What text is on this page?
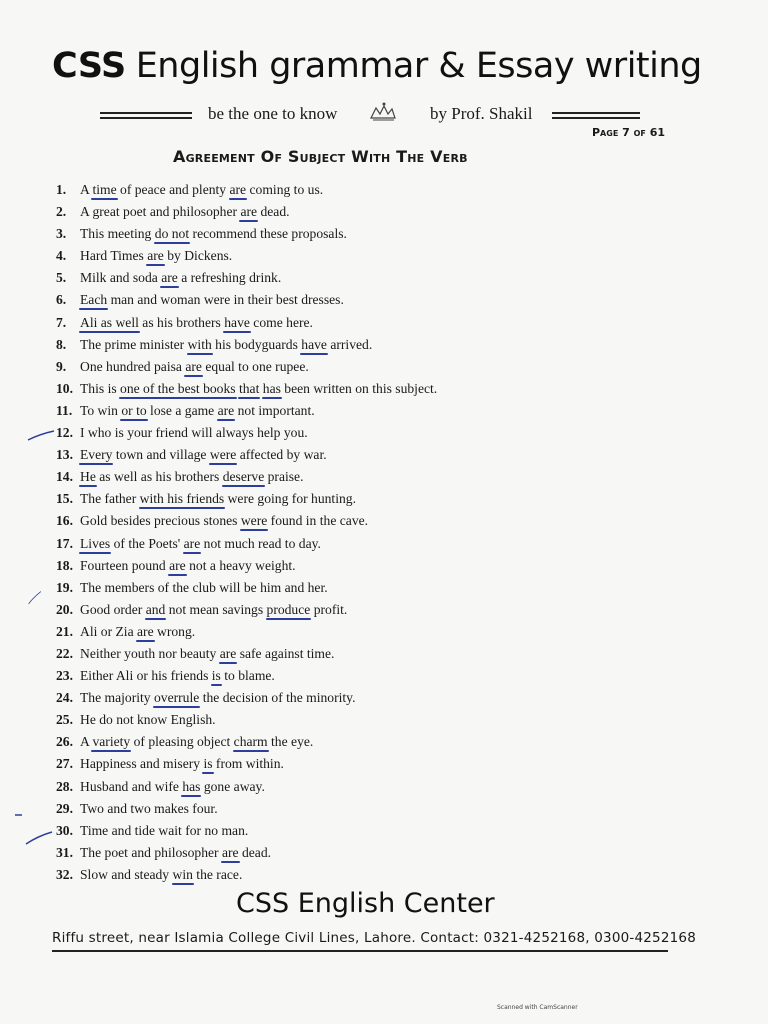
CSS English grammar & Essay writing
be the one to know	by Prof. Shakil
Page 7 of 61
Agreement Of Subject With The Verb
1. A time of peace and plenty are coming to us.
2. A great poet and philosopher are dead.
3. This meeting do not recommend these proposals.
4. Hard Times are by Dickens.
5. Milk and soda are a refreshing drink.
6. Each man and woman were in their best dresses.
7. Ali as well as his brothers have come here.
8. The prime minister with his bodyguards have arrived.
9. One hundred paisa are equal to one rupee.
10. This is one of the best books that has been written on this subject.
11. To win or to lose a game are not important.
12. I who is your friend will always help you.
13. Every town and village were affected by war.
14. He as well as his brothers deserve praise.
15. The father with his friends were going for hunting.
16. Gold besides precious stones were found in the cave.
17. Lives of the Poets' are not much read to day.
18. Fourteen pound are not a heavy weight.
19. The members of the club will be him and her.
20. Good order and not mean savings produce profit.
21. Ali or Zia are wrong.
22. Neither youth nor beauty are safe against time.
23. Either Ali or his friends is to blame.
24. The majority overrule the decision of the minority.
25. He do not know English.
26. A variety of pleasing object charm the eye.
27. Happiness and misery is from within.
28. Husband and wife has gone away.
29. Two and two makes four.
30. Time and tide wait for no man.
31. The poet and philosopher are dead.
32. Slow and steady win the race.
CSS English Center
Riffu street, near Islamia College Civil Lines, Lahore. Contact: 0321-4252168, 0300-4252168
Scanned with CamScanner
